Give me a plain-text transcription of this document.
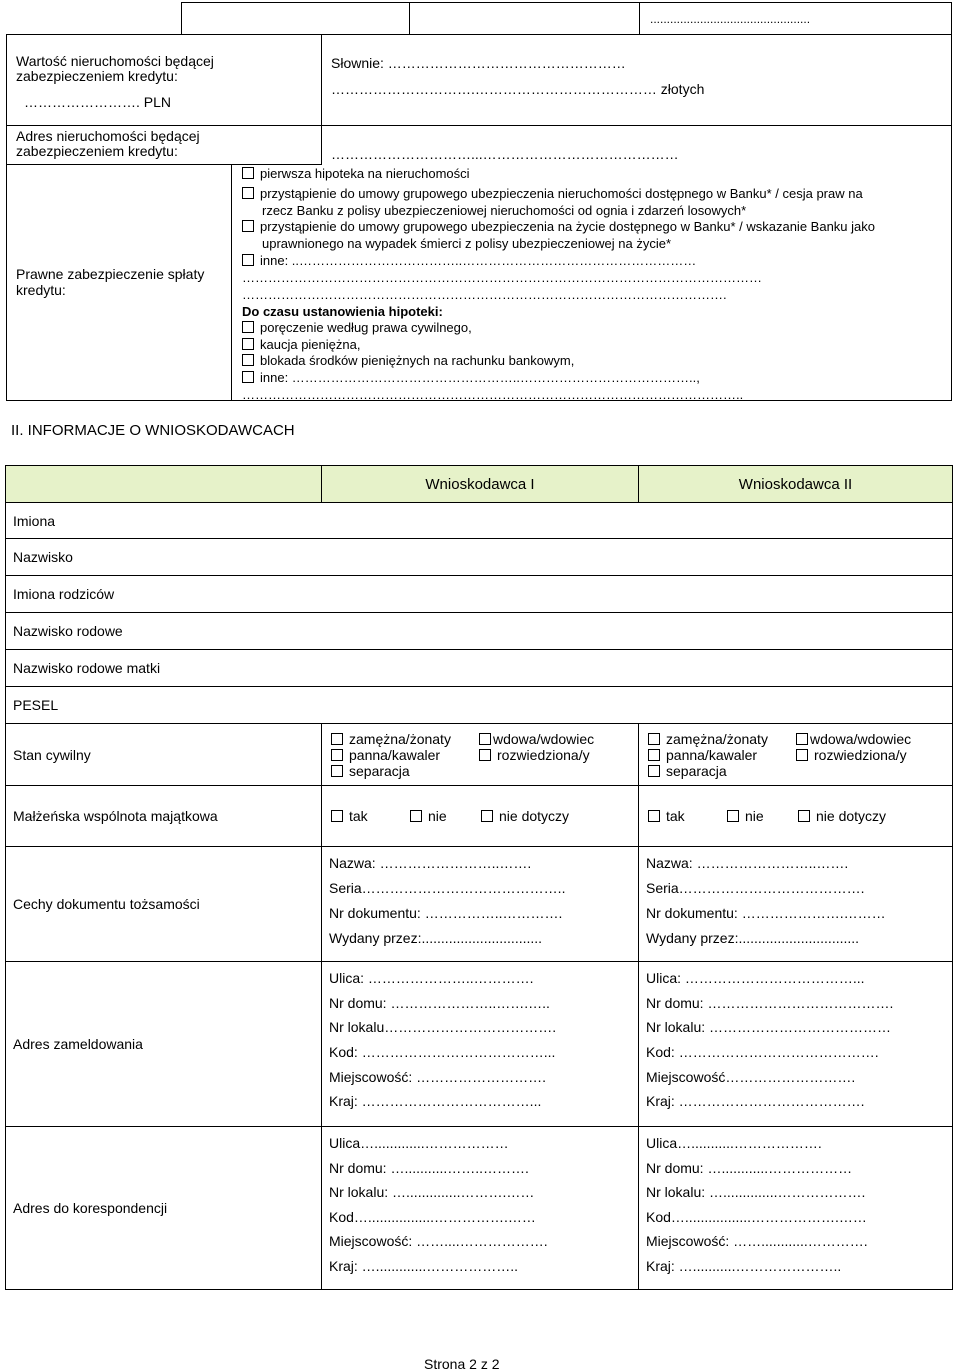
................................................
Wartość nieruchomości będącej zabezpieczeniem kredytu:
……………………. PLN
Słownie: ……………………………………………
………………………….………………………………… złotych
Adres nieruchomości będącej zabezpieczeniem kredytu:	…………………………...……………………………………
Prawne zabezpieczenie spłaty kredytu:
pierwsza hipoteka na nieruchomości
przystąpienie do umowy grupowego ubezpieczenia nieruchomości dostępnego w Banku* / cesja praw na
rzecz Banku z polisy ubezpieczeniowej nieruchomości od ognia i zdarzeń losowych*
przystąpienie do umowy grupowego ubezpieczenia na życie dostępnego w Banku* / wskazanie Banku jako
uprawnionego na wypadek śmierci z polisy ubezpieczeniowej na życie*
inne: ..………………………………..………………………………………………
…………………………………………………………………………………………………………
………………………………………………………………………………………………….
Do czasu ustanowienia hipoteki:
poręczenie według prawa cywilnego,
kaucja pieniężna,
blokada środków pieniężnych na rachunku bankowym,
inne: ……………………………………………..…………………………………..,
……………………………………………………………………………………………………..
II. INFORMACJE O WNIOSKODAWCACH
Wnioskodawca I	Wnioskodawca II
Imiona
Nazwisko
Imiona rodziców
Nazwisko rodowe
Nazwisko rodowe matki
PESEL
Stan cywilny
zamężna/żonaty	wdowa/wdowiec
panna/kawaler	rozwiedziona/y
separacja
zamężna/żonaty	wdowa/wdowiec
panna/kawaler	rozwiedziona/y
separacja
Małżeńska wspólnota majątkowa	tak	nie	nie dotyczy	tak	nie	nie dotyczy
Cechy dokumentu tożsamości
Nazwa: ……………………..…….
Seria……………………………………..
Nr dokumentu: ……………..………….
Wydany przez:...............................
Nazwa: ……………………..…….
Seria………………………………….
Nr dokumentu: ………………….………
Wydany przez:...............................
Adres zameldowania
Ulica: …………………..………….
Nr domu: …………………..…….…..
Nr lokalu……………………………….
Kod: …………………………………...
Miejscowość: ……………………….
Kraj: ………………………………...
Ulica: ………………………………...
Nr domu: ………………………………….
Nr lokalu: …………………………………
Kod: …………………………………….
Miejscowość……………………….
Kraj: ………………………………….
Adres do korespondencji
Ulica….............………………
Nr domu: …...........……..……….
Nr lokalu: …..............……….……
Kod….................…………….……
Miejscowość: ……....……………….
Kraj: ….............………………..
Ulica…...........……………….
Nr domu: …............………………
Nr lokalu: …..............……………….
Kod….................……………….……
Miejscowość: ……............………….
Kraj: …...........…………………..
Strona 2 z 2
